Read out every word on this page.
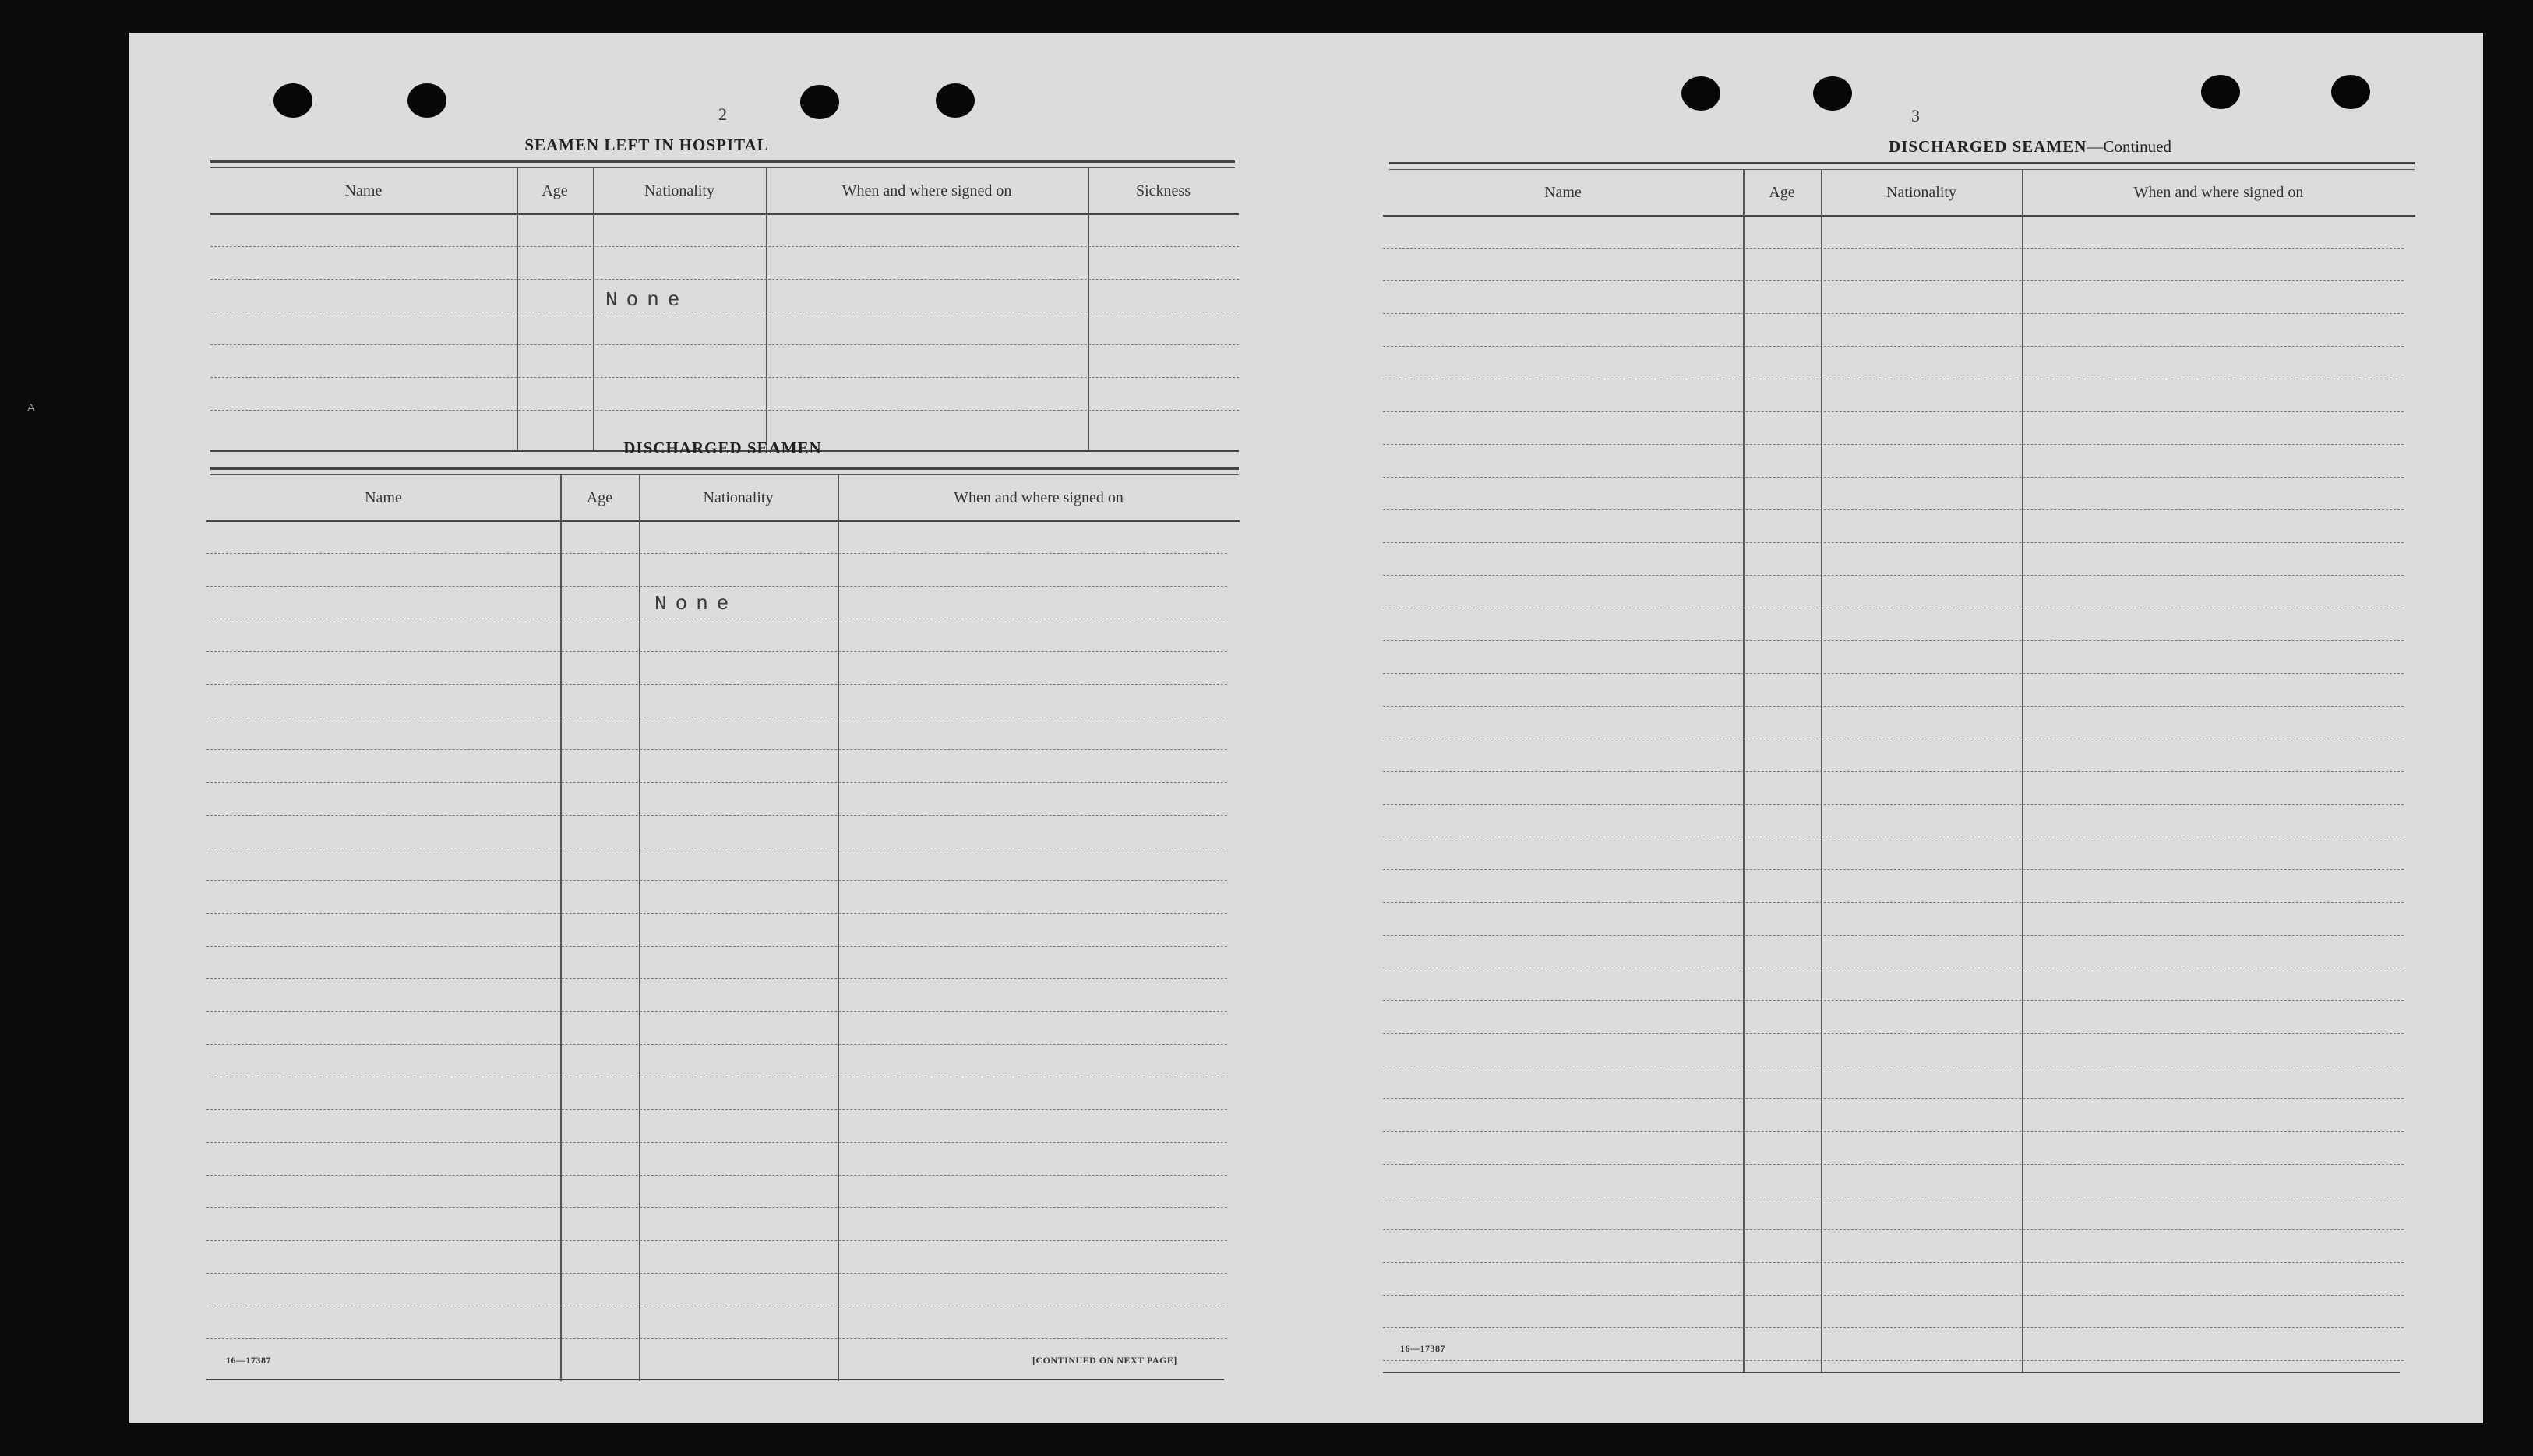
2
SEAMEN LEFT IN HOSPITAL
Name	Age	Nationality	When and where signed on	Sickness
None
DISCHARGED SEAMEN
Name	Age	Nationality	When and where signed on
None
16—17387	[CONTINUED ON NEXT PAGE]
3
DISCHARGED SEAMEN—Continued
Name	Age	Nationality	When and where signed on
16—17387
A
